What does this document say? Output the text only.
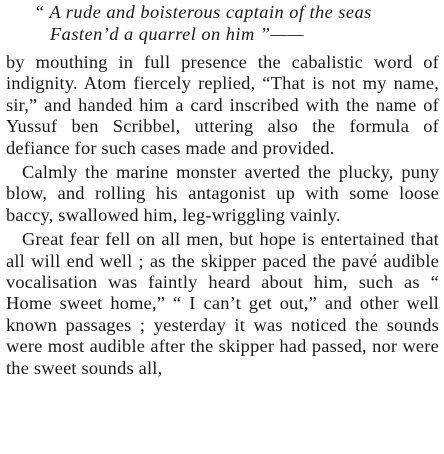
“ A rude and boisterous captain of the seas

Fasten’d a quarrel on him ”——

by mouthing in full presence the cabalistic word of indignity. Atom fiercely replied, “That is not my name, sir,” and handed him a card inscribed with the name of Yussuf ben Scribbel, uttering also the formula of defiance for such cases made and provided.

Calmly the marine monster averted the plucky, puny blow, and rolling his antagonist up with some loose baccy, swallowed him, leg-wriggling vainly.

Great fear fell on all men, but hope is entertained that all will end well ; as the skipper paced the pavé audible vocalisation was faintly heard about him, such as “ Home sweet home,” “ I can’t get out,” and other well known passages ; yesterday it was noticed the sounds were most audible after the skipper had passed, nor were the sweet sounds all,
